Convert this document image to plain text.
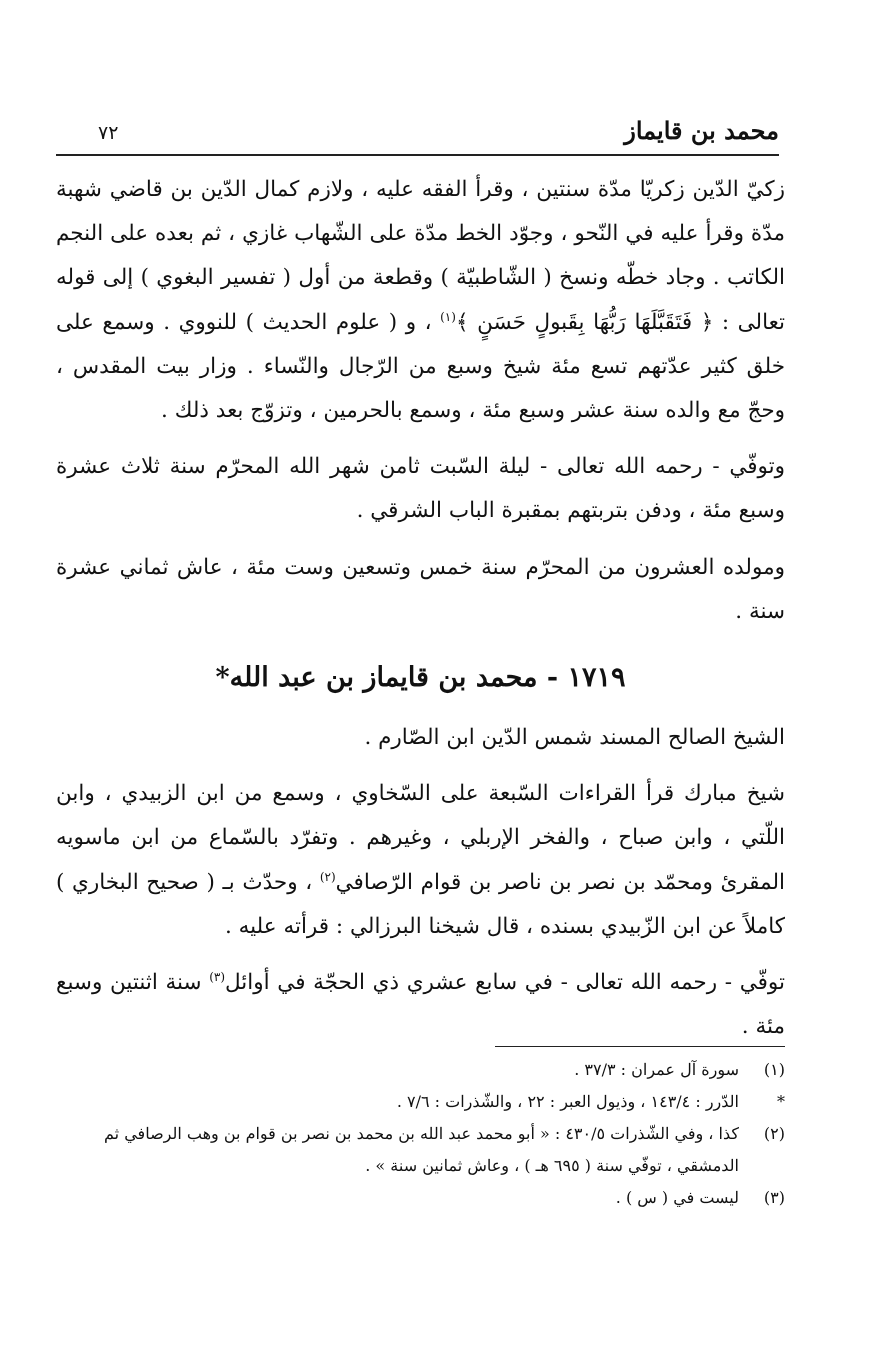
محمد بن قايماز
٧٢

زكيّ الدّين زكريّا مدّة سنتين ، وقرأ الفقه عليه ، ولازم كمال الدّين بن قاضي شهبة مدّة وقرأ عليه في النّحو ، وجوّد الخط مدّة على الشّهاب غازي ، ثم بعده على النجم الكاتب . وجاد خطّه ونسخ ( الشّاطبيّة ) وقطعة من أول ( تفسير البغوي ) إلى قوله تعالى : ﴿ فَتَقَبَّلَهَا رَبُّهَا بِقَبولٍ حَسَنٍ ﴾$^{(١)}$ ، و ( علوم الحديث ) للنووي . وسمع على خلق كثير عدّتهم تسع مئة شيخ وسبع من الرّجال والنّساء . وزار بيت المقدس ، وحجّ مع والده سنة عشر وسبع مئة ، وسمع بالحرمين ، وتزوّج بعد ذلك .

وتوفّي - رحمه الله تعالى - ليلة السّبت ثامن شهر الله المحرّم سنة ثلاث عشرة وسبع مئة ، ودفن بتربتهم بمقبرة الباب الشرقي .

ومولده العشرون من المحرّم سنة خمس وتسعين وست مئة ، عاش ثماني عشرة سنة .

١٧١٩ - محمد بن قايماز بن عبد الله*

الشيخ الصالح المسند شمس الدّين ابن الصّارم .

شيخ مبارك قرأ القراءات السّبعة على السّخاوي ، وسمع من ابن الزبيدي ، وابن اللّتي ، وابن صباح ، والفخر الإربلي ، وغيرهم . وتفرّد بالسّماع من ابن ماسويه المقرئ ومحمّد بن نصر بن ناصر بن قوام الرّصافي$^{(٢)}$ ، وحدّث بـ ( صحيح البخاري ) كاملاً عن ابن الزّبيدي بسنده ، قال شيخنا البرزالي : قرأته عليه .

توفّي - رحمه الله تعالى - في سابع عشري ذي الحجّة في أوائل$^{(٣)}$ سنة اثنتين وسبع مئة .

(١)
سورة آل عمران : ٣٧/٣ .

*
الدّرر : ١٤٣/٤ ، وذيول العبر : ٢٢ ، والشّذرات : ٧/٦ .

(٢)
كذا ، وفي الشّذرات ٤٣٠/٥ : « أبو محمد عبد الله بن محمد بن نصر بن قوام بن وهب الرصافي ثم الدمشقي ، توفّي سنة ( ٦٩٥ هـ ) ، وعاش ثمانين سنة » .

(٣)
ليست في ( س ) .
